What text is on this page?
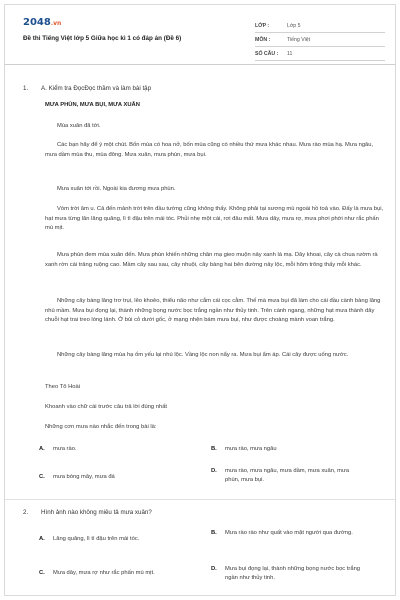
2048.vn
Đề thi Tiếng Việt lớp 5 Giữa học kì 1 có đáp án (Đề 6)
LỚP :	Lớp 5
MÔN :	Tiếng Việt
SỐ CÂU :	11
1. A. Kiểm tra ĐọcĐọc thầm và làm bài tập
MƯA PHÙN, MƯA BỤI, MƯA XUÂN
Mùa xuân đã tới.
Các bạn hãy để ý một chút. Bốn mùa có hoa nở, bốn mùa cũng có nhiều thứ mưa khác nhau. Mưa rào mùa hạ. Mưa ngâu, mưa dầm mùa thu, mùa đông. Mưa xuân, mưa phùn, mưa bụi.
Mưa xuân tới rồi. Ngoài kia đương mưa phùn.
Vòm trời âm u. Cả đến mảnh trời trên đầu tường cũng không thấy. Không phải tại sương mù ngoài hồ toả vào. Đấy là mưa bụi, hạt mưa từng lăn lăng quăng, lì tì đậu trên mái tóc. Phủi nhẹ một cái, rơi đâu mất. Mưa dây, mưa rợ, mưa phơi phới như rắc phấn mù mịt.
Mưa phùn đem mùa xuân đến. Mưa phùn khiến những chân mạ gieo muộn nảy xanh lá mạ. Dây khoai, cây cà chua rườm rà xanh rờn cái trảng ruộng cao. Mầm cây sau sau, cây nhuội, cây bàng hai bên đường nảy lộc, mỗi hôm trông thấy mỗi khác.
Những cây bàng lăng trơ trụi, lêo khoẻo, thiểu não như cắm cái cọc cằm. Thế mà mưa bụi đã làm cho cái đầu cành bàng lăng nhú mầm. Mưa bụi đọng lại, thành những bọng nước bọc trắng ngần như thủy tinh. Trên cành ngang, những hạt mưa thành dây chuỗi hạt trai treo lóng lánh. Ở bùi cỏ dưới gốc, ở mạng nhện bám mưa bụi, như được choàng mành voan trắng.
Những cây bàng lăng mùa hạ ốm yếu lại nhú lộc. Vầng lộc non nẩy ra. Mưa bụi ẩm áp. Cái cây được uống nước.
Theo Tô Hoài
Khoanh vào chữ cái trước câu trả lời đúng nhất
Những cơn mưa nào nhắc đến trong bài là:
A.	mưa rào.	B.	mưa rào, mưa ngâu
C.	mưa bóng mây, mưa đá
D.	mưa rào, mưa ngâu, mưa dầm, mưa xuân, mưa phùn, mưa bụi.
2. Hình ảnh nào không miêu tả mưa xuân?
A.	Lăng quăng, lì tì đậu trên mái tóc.
B.	Mưa rào rào như quất vào mặt người qua đường.
C.	Mưa dây, mưa rợ như rắc phấn mù mịt.
D.	Mưa bụi đọng lại, thành những bọng nước bọc trắng ngần như thủy tinh.
